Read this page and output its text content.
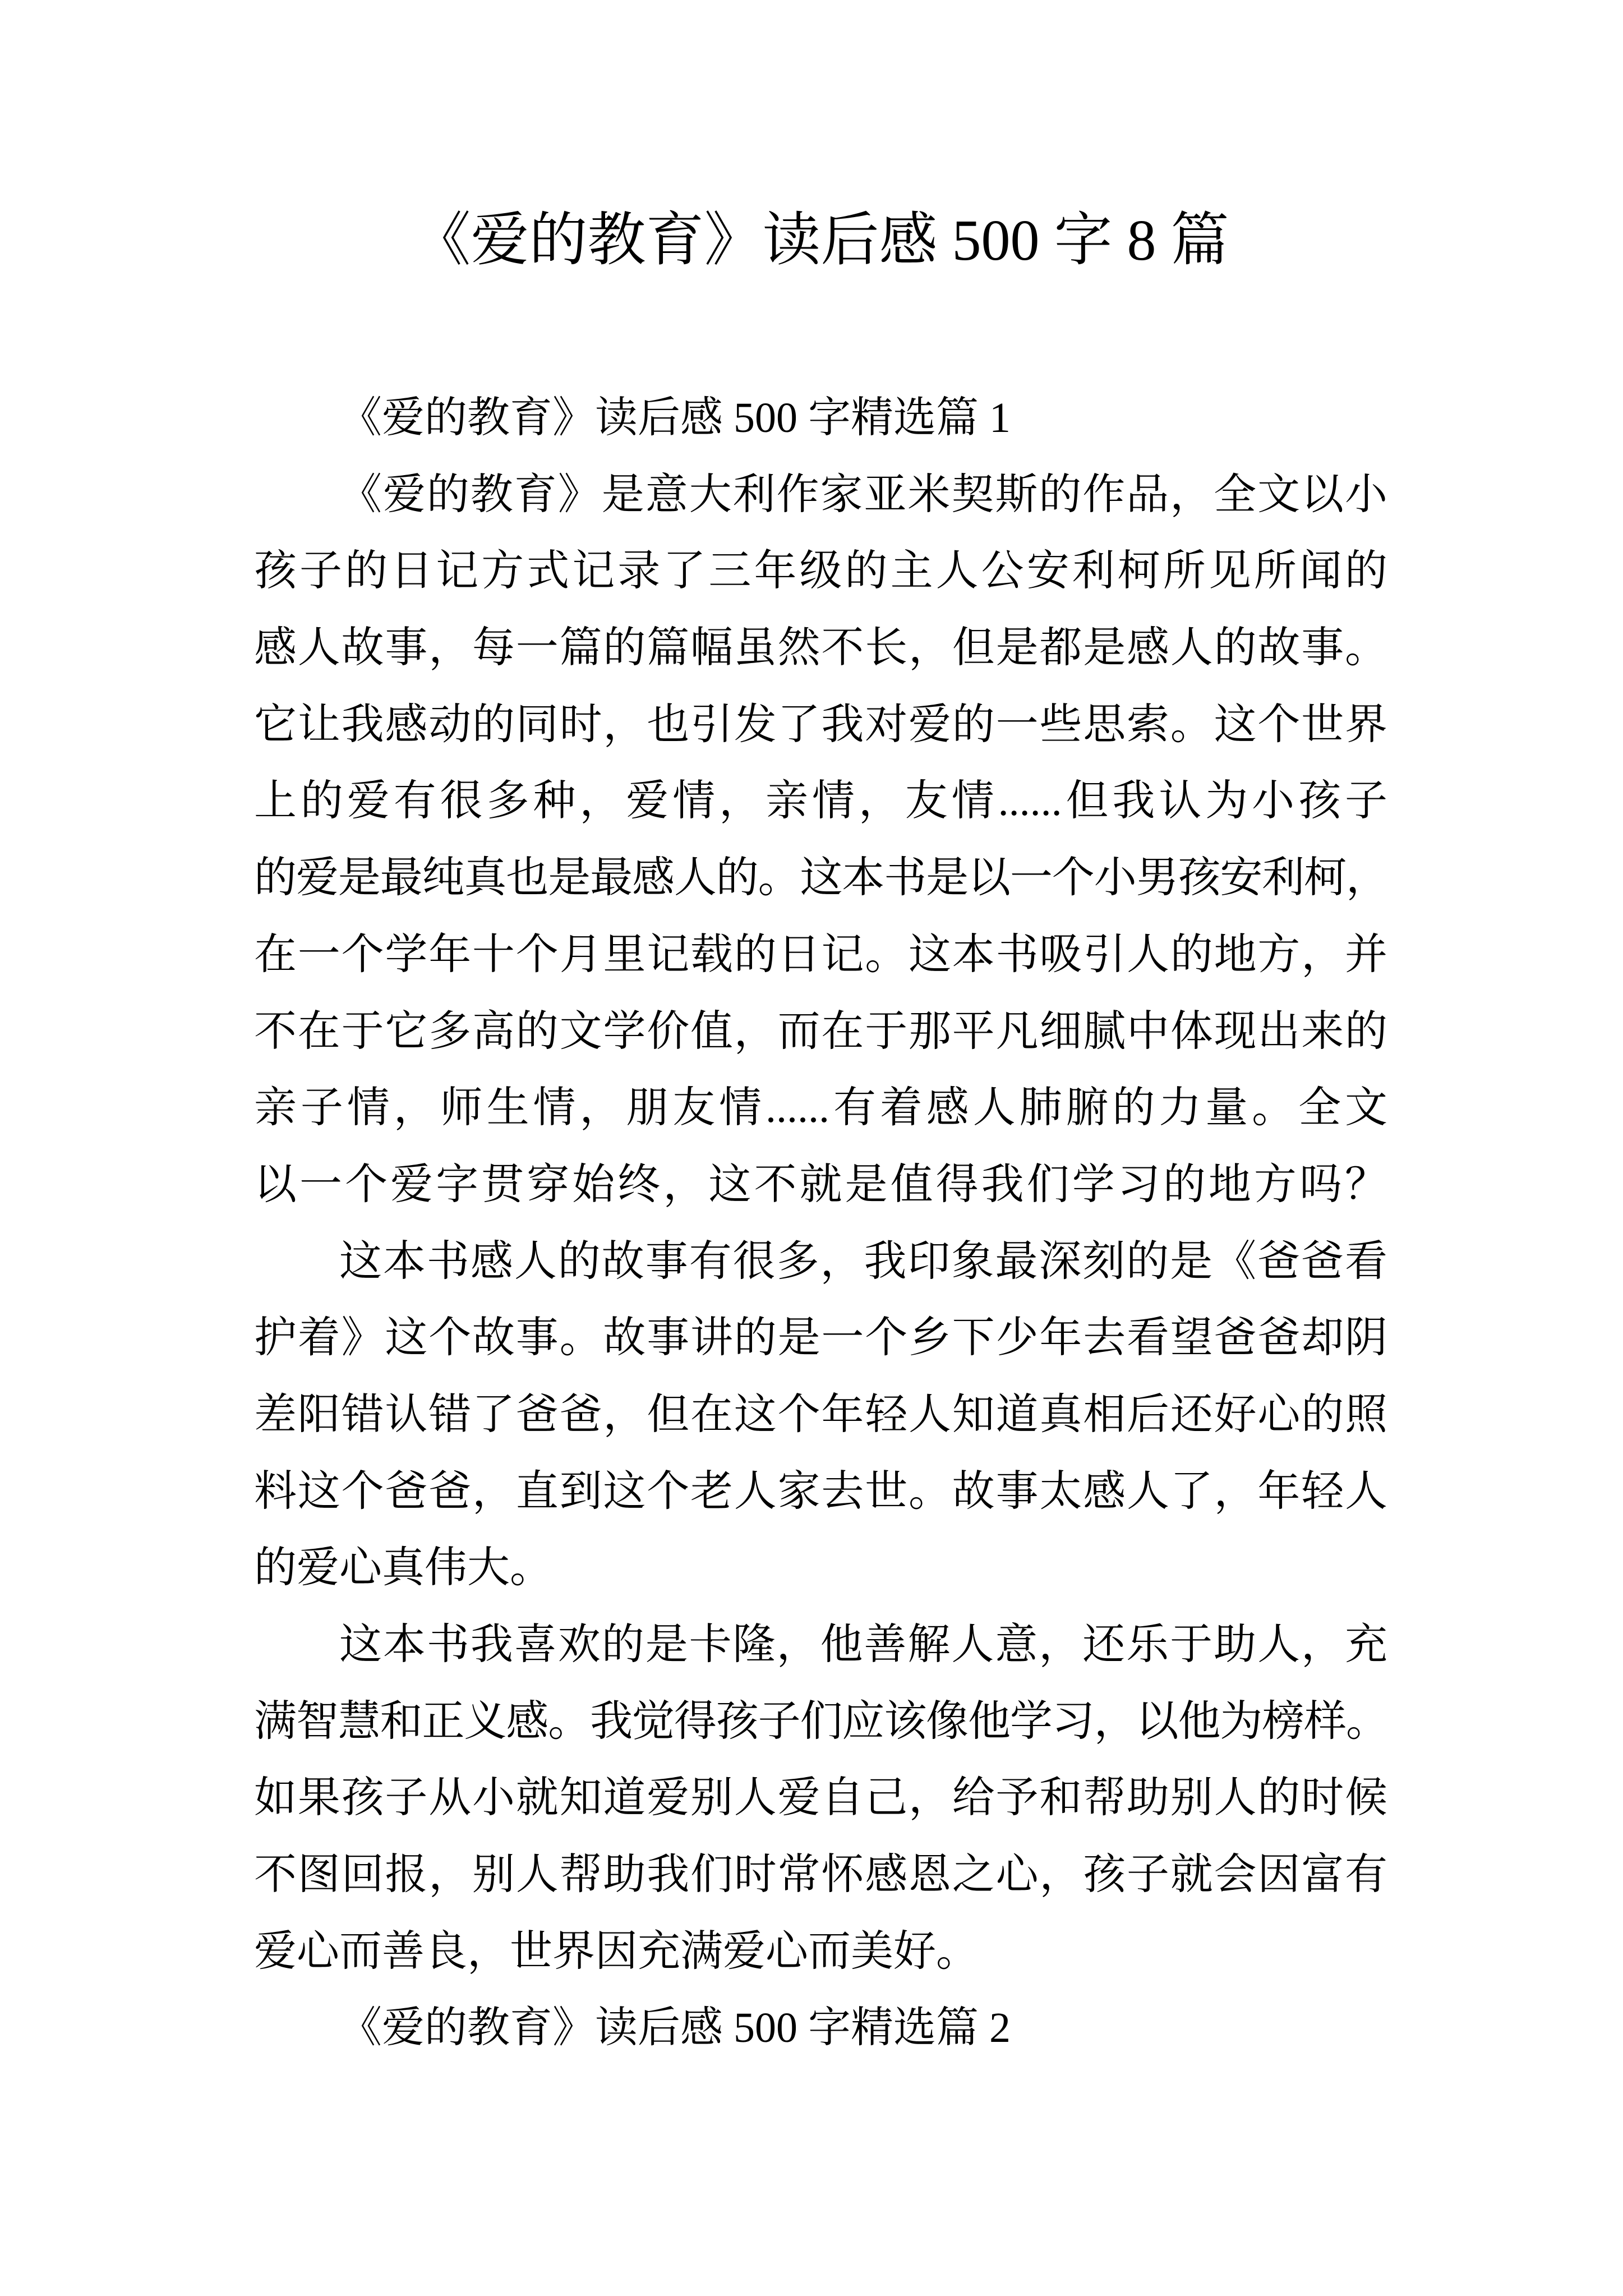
《爱的教育》读后感 500 字 8 篇
《爱的教育》读后感 500 字精选篇 1
《爱的教育》是意大利作家亚米契斯的作品，全文以小
孩子的日记方式记录了三年级的主人公安利柯所见所闻的
感人故事，每一篇的篇幅虽然不长，但是都是感人的故事。
它让我感动的同时，也引发了我对爱的一些思索。这个世界
上的爱有很多种，爱情，亲情，友情......但我认为小孩子
的爱是最纯真也是最感人的。这本书是以一个小男孩安利柯，
在一个学年十个月里记载的日记。这本书吸引人的地方，并
不在于它多高的文学价值，而在于那平凡细腻中体现出来的
亲子情，师生情，朋友情......有着感人肺腑的力量。全文
以一个爱字贯穿始终，这不就是值得我们学习的地方吗？
这本书感人的故事有很多，我印象最深刻的是《爸爸看
护着》这个故事。故事讲的是一个乡下少年去看望爸爸却阴
差阳错认错了爸爸，但在这个年轻人知道真相后还好心的照
料这个爸爸，直到这个老人家去世。故事太感人了，年轻人
的爱心真伟大。
这本书我喜欢的是卡隆，他善解人意，还乐于助人，充
满智慧和正义感。我觉得孩子们应该像他学习，以他为榜样。
如果孩子从小就知道爱别人爱自己，给予和帮助别人的时候
不图回报，别人帮助我们时常怀感恩之心，孩子就会因富有
爱心而善良，世界因充满爱心而美好。
《爱的教育》读后感 500 字精选篇 2
